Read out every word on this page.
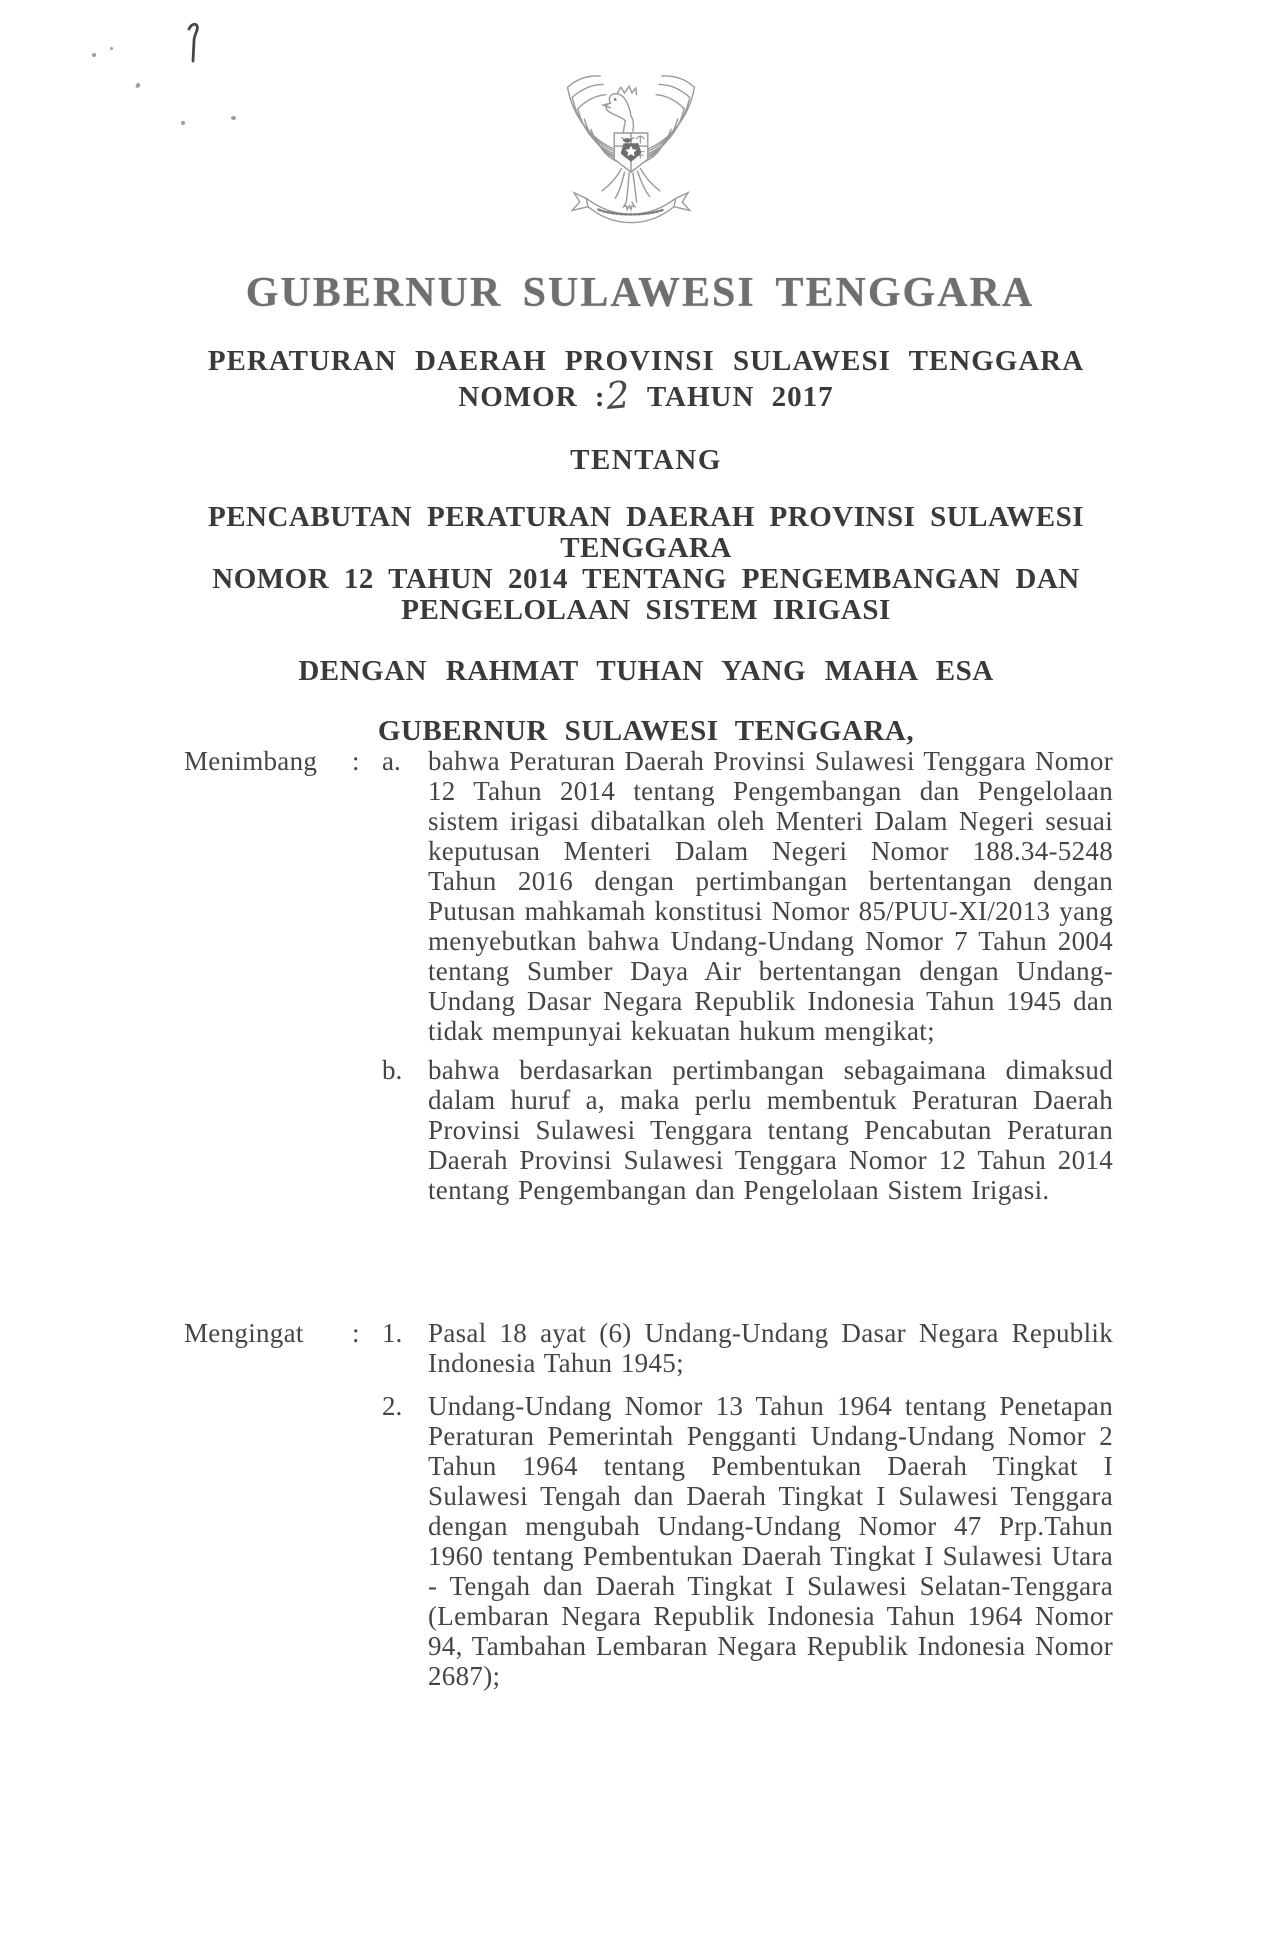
GUBERNUR SULAWESI TENGGARA
PERATURAN DAERAH PROVINSI SULAWESI TENGGARA
NOMOR :2 TAHUN 2017
TENTANG
PENCABUTAN PERATURAN DAERAH PROVINSI SULAWESI TENGGARA
NOMOR 12 TAHUN 2014 TENTANG PENGEMBANGAN DAN
PENGELOLAAN SISTEM IRIGASI
DENGAN RAHMAT TUHAN YANG MAHA ESA
GUBERNUR SULAWESI TENGGARA,
Menimbang	: a.	bahwa Peraturan Daerah Provinsi Sulawesi Tenggara Nomor 12 Tahun 2014 tentang Pengembangan dan Pengelolaan sistem irigasi dibatalkan oleh Menteri Dalam Negeri sesuai keputusan Menteri Dalam Negeri Nomor 188.34-5248 Tahun 2016 dengan pertimbangan bertentangan dengan Putusan mahkamah konstitusi Nomor 85/PUU-XI/2013 yang menyebutkan bahwa Undang-Undang Nomor 7 Tahun 2004 tentang Sumber Daya Air bertentangan dengan Undang-Undang Dasar Negara Republik Indonesia Tahun 1945 dan tidak mempunyai kekuatan hukum mengikat;
b. bahwa berdasarkan pertimbangan sebagaimana dimaksud dalam huruf a, maka perlu membentuk Peraturan Daerah Provinsi Sulawesi Tenggara tentang Pencabutan Peraturan Daerah Provinsi Sulawesi Tenggara Nomor 12 Tahun 2014 tentang Pengembangan dan Pengelolaan Sistem Irigasi.
Mengingat	: 1. Pasal 18 ayat (6) Undang-Undang Dasar Negara Republik Indonesia Tahun 1945;
2. Undang-Undang Nomor 13 Tahun 1964 tentang Penetapan Peraturan Pemerintah Pengganti Undang-Undang Nomor 2 Tahun 1964 tentang Pembentukan Daerah Tingkat I Sulawesi Tengah dan Daerah Tingkat I Sulawesi Tenggara dengan mengubah Undang-Undang Nomor 47 Prp.Tahun 1960 tentang Pembentukan Daerah Tingkat I Sulawesi Utara - Tengah dan Daerah Tingkat I Sulawesi Selatan-Tenggara (Lembaran Negara Republik Indonesia Tahun 1964 Nomor 94, Tambahan Lembaran Negara Republik Indonesia Nomor 2687);
